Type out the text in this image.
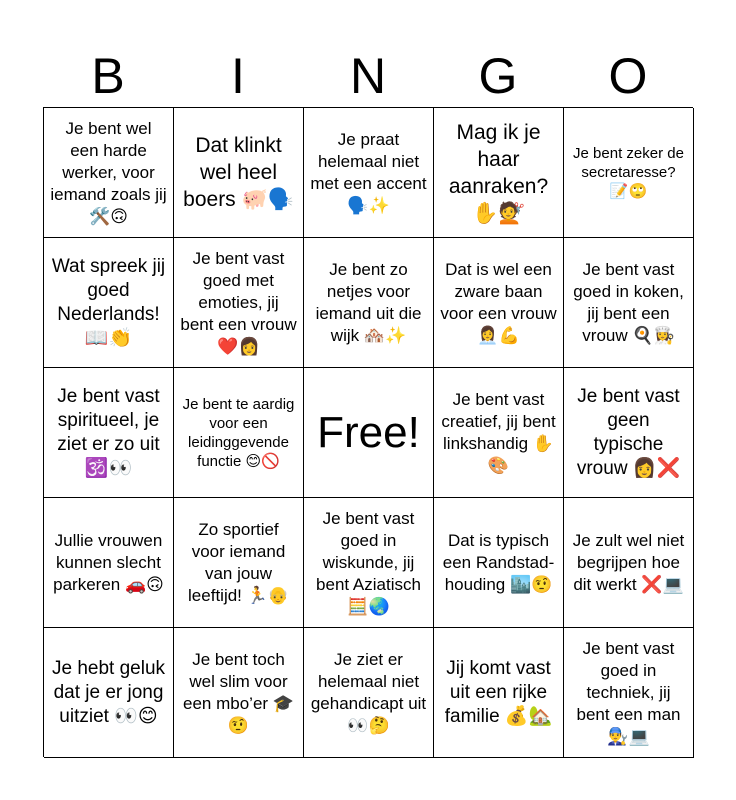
B	I	N	G	O
Je bent wel een harde werker, voor iemand zoals jij 🛠️🙃
Dat klinkt wel heel boers 🐖🗣️
Je praat helemaal niet met een accent 🗣️✨
Mag ik je haar aanraken? ✋💇
Je bent zeker de secretaresse? 📝🙄
Wat spreek jij goed Nederlands! 📖👏
Je bent vast goed met emoties, jij bent een vrouw ❤️👩
Je bent zo netjes voor iemand uit die wijk 🏘️✨
Dat is wel een zware baan voor een vrouw 👩‍💼💪
Je bent vast goed in koken, jij bent een vrouw 🍳👩‍🍳
Je bent vast spiritueel, je ziet er zo uit 🕉️👀
Je bent te aardig voor een leidinggevende functie 😊🚫
Free!
Je bent vast creatief, jij bent linkshandig ✋🎨
Je bent vast geen typische vrouw 👩❌
Jullie vrouwen kunnen slecht parkeren 🚗🙃
Zo sportief voor iemand van jouw leeftijd! 🏃👴
Je bent vast goed in wiskunde, jij bent Aziatisch 🧮🌏
Dat is typisch een Randstad-houding 🏙️🤨
Je zult wel niet begrijpen hoe dit werkt ❌💻
Je hebt geluk dat je er jong uitziet 👀😊
Je bent toch wel slim voor een mbo’er 🎓🤨
Je ziet er helemaal niet gehandicapt uit 👀🤔
Jij komt vast uit een rijke familie 💰🏡
Je bent vast goed in techniek, jij bent een man 👨‍🔧💻
